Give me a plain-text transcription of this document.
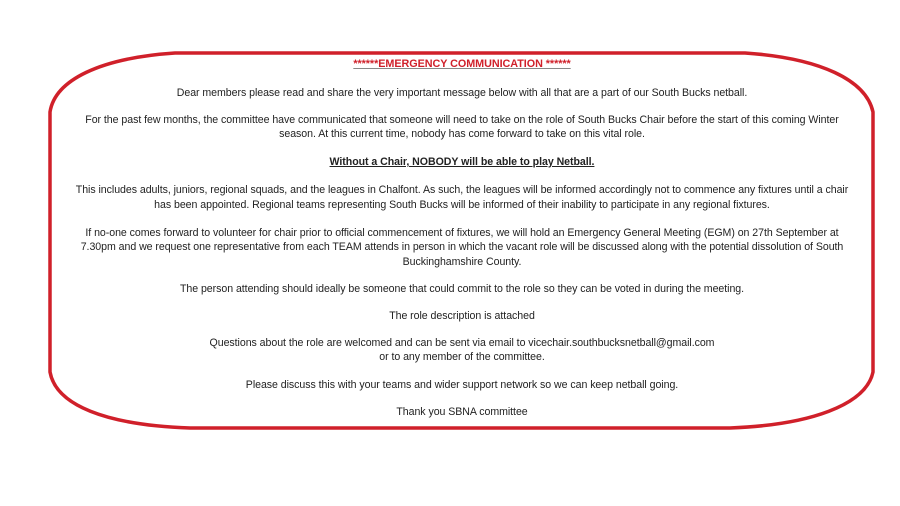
******EMERGENCY COMMUNICATION ******
Dear members please read and share the very important message below with all that are a part of our South Bucks netball.
For the past few months, the committee have communicated that someone will need to take on the role of South Bucks Chair before the start of this coming Winter
season. At this current time, nobody has come forward to take on this vital role.
Without a Chair, NOBODY will be able to play Netball.
This includes adults, juniors, regional squads, and the leagues in Chalfont. As such, the leagues will be informed accordingly not to commence any fixtures until a chair
has been appointed. Regional teams representing South Bucks will be informed of their inability to participate in any regional fixtures.
If no-one comes forward to volunteer for chair prior to official commencement of fixtures, we will hold an Emergency General Meeting (EGM) on 27th September at
7.30pm and we request one representative from each TEAM attends in person in which the vacant role will be discussed along with the potential dissolution of South
Buckinghamshire County.
The person attending should ideally be someone that could commit to the role so they can be voted in during the meeting.
The role description is attached
Questions about the role are welcomed and can be sent via email to vicechair.southbucksnetball@gmail.com
or to any member of the committee.
Please discuss this with your teams and wider support network so we can keep netball going.
Thank you SBNA committee
